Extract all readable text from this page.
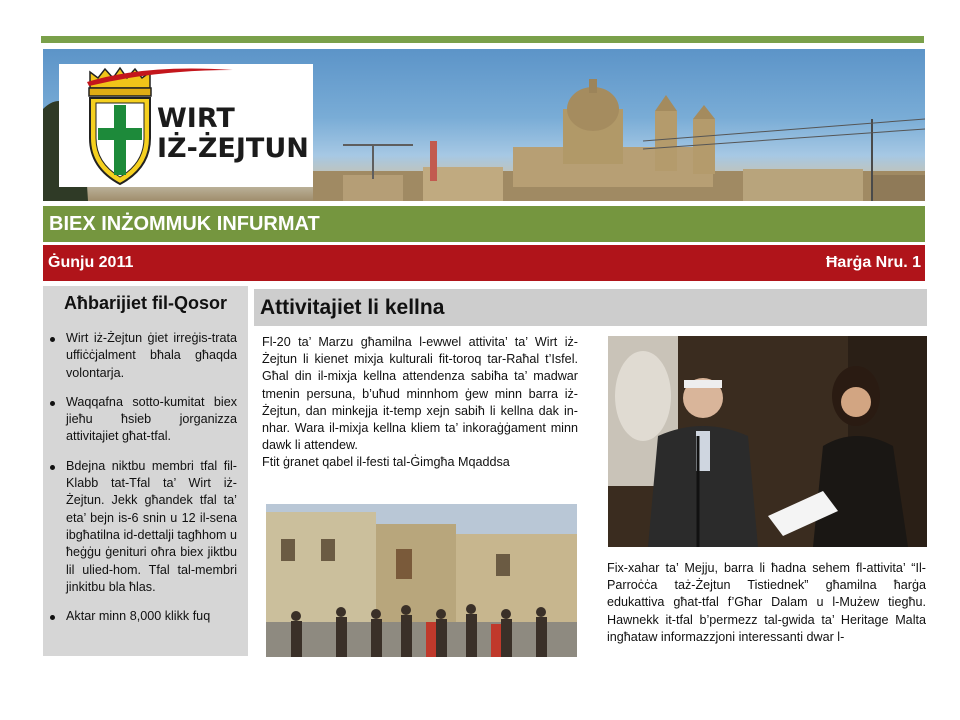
WIRT
IŻ-ŻEJTUN
BIEX INŻOMMUK INFURMAT
Ġunju 2011	Ħarġa Nru. 1
Aħbarijiet fil-Qosor
Wirt iż-Żejtun ġiet irreġis-trata uffiċċjalment bħala għaqda volontarja.
Waqqafna sotto-kumitat biex jieħu ħsieb jorganizza attivitajiet għat-tfal.
Bdejna niktbu membri tfal fil-Klabb tat-Tfal ta’ Wirt iż-Żejtun. Jekk għandek tfal ta’ eta’ bejn is-6 snin u 12 il-sena ibgħatilna id-dettalji tagħhom u ħeġġu ġenituri oħra biex jiktbu lil ulied-hom. Tfal tal-membri jinkitbu bla ħlas.
Aktar minn 8,000 klikk fuq
Attivitajiet li kellna

Fl-20 ta’ Marzu għamilna l-ewwel attivita’ ta’ Wirt iż-Żejtun li kienet mixja kulturali fit-toroq tar-Raħal t’Isfel. Għal din il-mixja kellna attendenza sabiħa ta’ madwar tmenin persuna, b’uħud minnhom ġew minn barra iż-Żejtun, dan minkejja it-temp xejn sabiħ li kellna dak in-nhar. Wara il-mixja kellna kliem ta’ inkoraġġament minn dawk li attendew.

Ftit ġranet qabel il-festi tal-Ġimgħa Mqaddsa

Fix-xahar ta’ Mejju, barra li ħadna sehem fl-attivita’ “Il-Parroċċa taż-Żejtun Tistiednek” għamilna ħarġa edukattiva għat-tfal f’Għar Dalam u l-Mużew tiegħu. Hawnekk it-tfal b’permezz tal-gwida ta’ Heritage Malta ingħataw informazzjoni interessanti dwar l-
